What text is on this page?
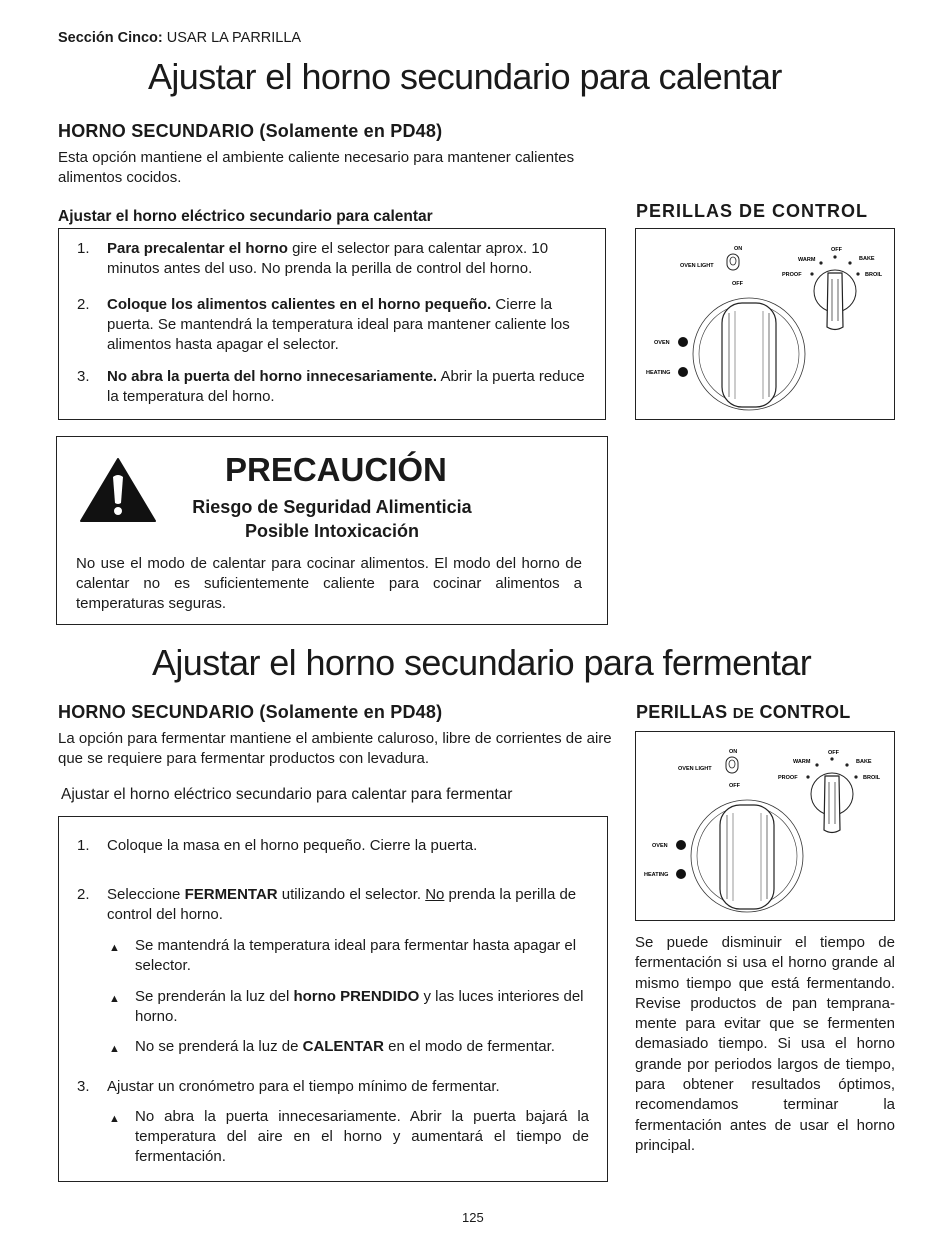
Sección Cinco: USAR LA PARRILLA
Ajustar el horno secundario para calentar
HORNO SECUNDARIO (Solamente en PD48)
Esta opción mantiene el ambiente caliente necesario para mantener calientes alimentos cocidos.
Ajustar el horno eléctrico secundario para calentar
1. Para precalentar el horno gire el selector para calentar aprox. 10 minutos antes del uso. No prenda la perilla de control del horno.
2. Coloque los alimentos calientes en el horno pequeño. Cierre la puerta. Se mantendrá la temperatura ideal para mantener caliente los alimentos hasta apagar el selector.
3. No abra la puerta del horno innecesariamente. Abrir la puerta reduce la temperatura del horno.
PERILLAS DE CONTROL
ON
OVEN LIGHT
OFF
WARM
OFF
BAKE
PROOF	BROIL
OVEN
HEATING
PRECAUCIÓN
Riesgo de Seguridad Alimenticia
Posible Intoxicación
No use el modo de calentar para cocinar alimentos. El modo del horno de calentar no es suficientemente caliente para cocinar alimentos a temperaturas seguras.
Ajustar el horno secundario para fermentar
HORNO SECUNDARIO (Solamente en PD48)
La opción para fermentar mantiene el ambiente caluroso, libre de corrientes de aire que se requiere para fermentar productos con levadura.
Ajustar el horno eléctrico secundario para calentar para fermentar
PERILLAS DE CONTROL
ON
OVEN LIGHT
OFF
WARM
OFF
BAKE
PROOF	BROIL
OVEN
HEATING
Se puede disminuir el tiempo de fermentación si usa el horno grande al mismo tiempo que está fermentando. Revise productos de pan temprana-mente para evitar que se fermenten demasiado tiempo. Si usa el horno grande por periodos largos de tiempo, para obtener resultados óptimos, recomendamos terminar la fermentación antes de usar el horno principal.
1. Coloque la masa en el horno pequeño. Cierre la puerta.
2. Seleccione FERMENTAR utilizando el selector. No prenda la perilla de control del horno.
▲ Se mantendrá la temperatura ideal para fermentar hasta apagar el selector.
▲ Se prenderán la luz del horno PRENDIDO y las luces interiores del horno.
▲ No se prenderá la luz de CALENTAR en el modo de fermentar.
3. Ajustar un cronómetro para el tiempo mínimo de fermentar.
▲ No abra la puerta innecesariamente. Abrir la puerta bajará la temperatura del aire en el horno y aumentará el tiempo de fermentación.
125
